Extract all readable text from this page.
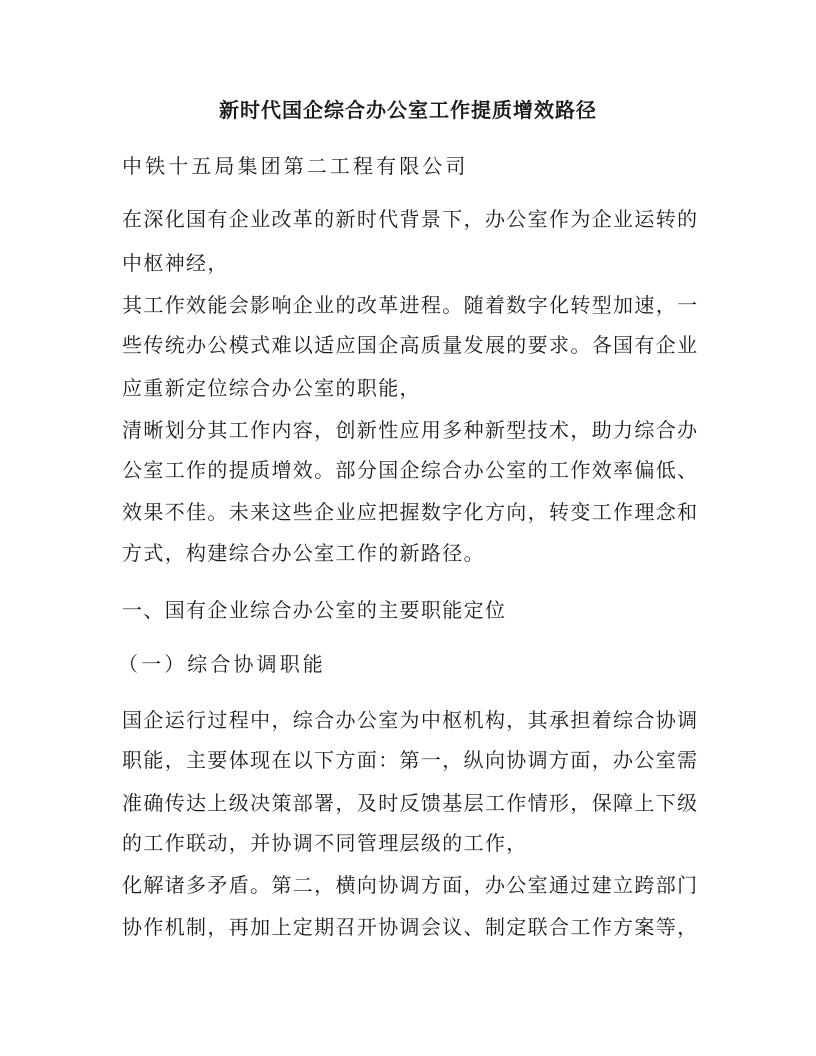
新时代国企综合办公室工作提质增效路径
中铁十五局集团第二工程有限公司
在深化国有企业改革的新时代背景下，办公室作为企业运转的
中枢神经，
其工作效能会影响企业的改革进程。随着数字化转型加速，一
些传统办公模式难以适应国企高质量发展的要求。各国有企业
应重新定位综合办公室的职能，
清晰划分其工作内容，创新性应用多种新型技术，助力综合办
公室工作的提质增效。部分国企综合办公室的工作效率偏低、
效果不佳。未来这些企业应把握数字化方向，转变工作理念和
方式，构建综合办公室工作的新路径。
一、国有企业综合办公室的主要职能定位
（一）综合协调职能
国企运行过程中，综合办公室为中枢机构，其承担着综合协调
职能，主要体现在以下方面：第一，纵向协调方面，办公室需
准确传达上级决策部署，及时反馈基层工作情形，保障上下级
的工作联动，并协调不同管理层级的工作，
化解诸多矛盾。第二，横向协调方面，办公室通过建立跨部门
协作机制，再加上定期召开协调会议、制定联合工作方案等，
